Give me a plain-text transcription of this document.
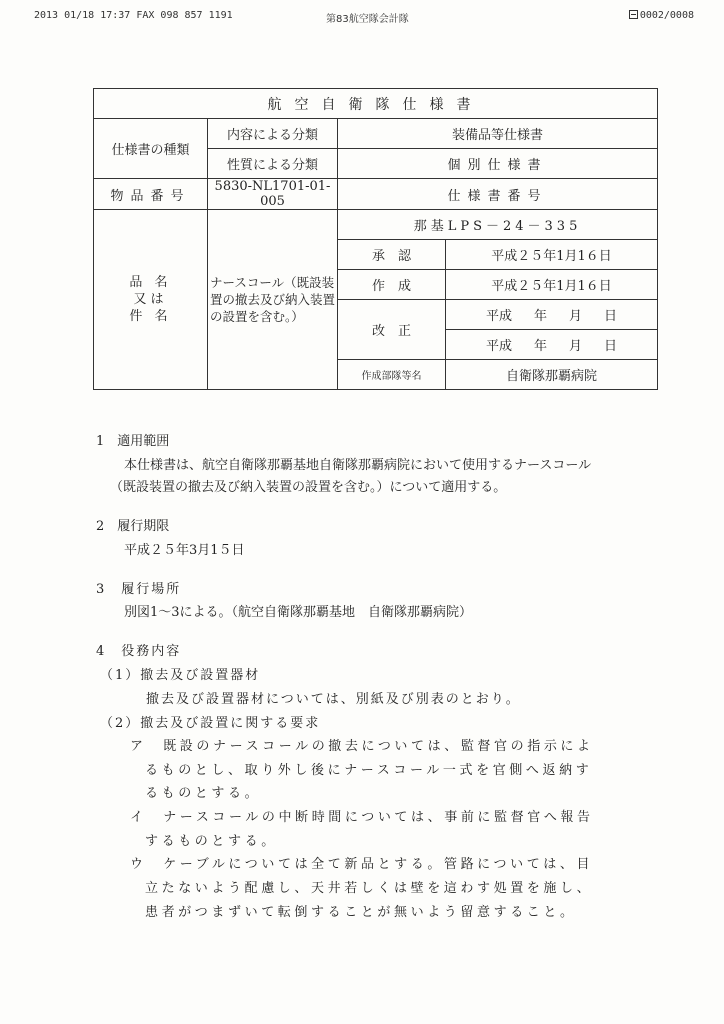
2013 01/18 17:37 FAX 098 857 1191	第83航空隊会計隊	0002/0008
航空自衛隊仕様書			
仕様書の種類	内容による分類	装備品等仕様書	
	性質による分類	個別仕様書	
物品番号	5830-NL1701-01-005	仕様書番号	

品 名
又は
件 名	ナースコール（既設装置の撤去及び納入装置の設置を含む。）	那基LPS－24－335	
		承　認	平成２５年1月1６日
		作　成	平成２５年1月1６日
		改　正	平成 年 月 日
			平成 年 月 日
		作成部隊等名	自衛隊那覇病院
1　適用範囲
本仕様書は、航空自衛隊那覇基地自衛隊那覇病院において使用するナースコール
（既設装置の撤去及び納入装置の設置を含む。）について適用する。
2　履行期限
平成２５年3月1５日
3　履行場所
別図1～3による。（航空自衛隊那覇基地　自衛隊那覇病院）
4　役務内容
（1）撤去及び設置器材
撤去及び設置器材については、別紙及び別表のとおり。
（2）撤去及び設置に関する要求
ア　既設のナースコールの撤去については、監督官の指示によ
るものとし、取り外し後にナースコール一式を官側へ返納す
るものとする。
イ　ナースコールの中断時間については、事前に監督官へ報告
するものとする。
ウ　ケーブルについては全て新品とする。管路については、目
立たないよう配慮し、天井若しくは壁を這わす処置を施し、
患者がつまずいて転倒することが無いよう留意すること。
